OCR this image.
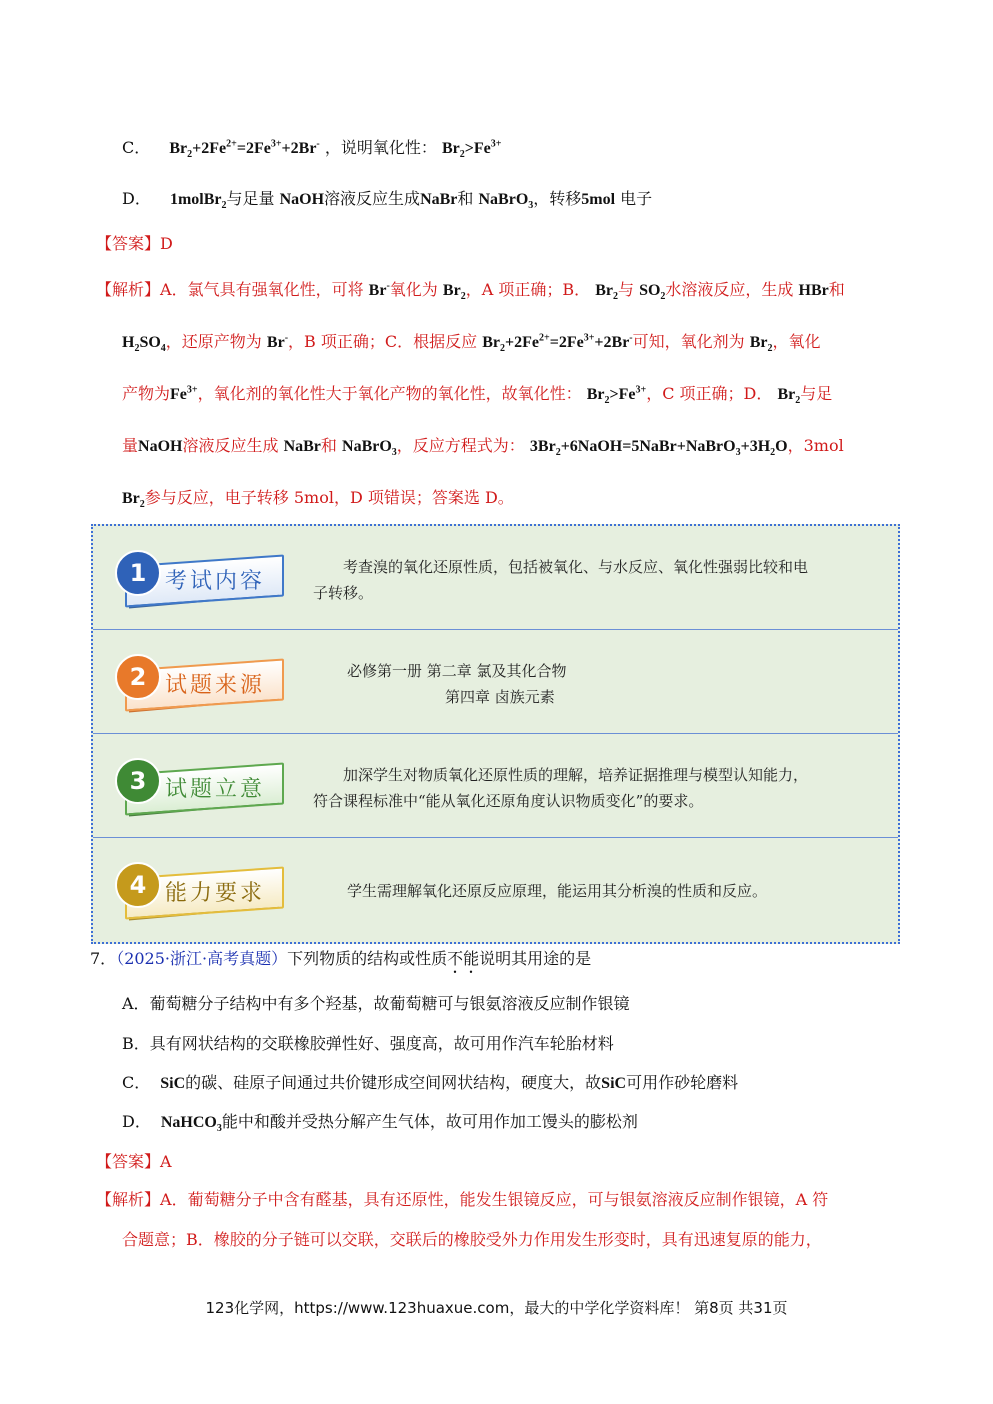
C． $Br_2+2Fe^{2+}=2Fe^{3+}+2Br^-$ ，说明氧化性： $Br_2>Fe^{3+}$
D． 1molBr$_2$与足量 NaOH溶液反应生成NaBr和 NaBrO$_3$，转移5mol 电子
【答案】D
【解析】A．氯气具有强氧化性，可将 Br-氧化为 $Br_2$，A 项正确；B． $Br_2$与 $SO_2$水溶液反应，生成 HBr和
$H_2SO_4$，还原产物为 Br-，B 项正确；C．根据反应 $Br_2+2Fe^{2+}=2Fe^{3+}+2Br^-$可知，氧化剂为 $Br_2$，氧化
产物为$Fe^{3+}$，氧化剂的氧化性大于氧化产物的氧化性，故氧化性： $Br_2>Fe^{3+}$，C 项正确；D． $Br_2$与足
量NaOH溶液反应生成 NaBr和 NaBrO$_3$，反应方程式为： $3Br_2+6NaOH=5NaBr+NaBrO_3+3H_2O$，3mol
$Br_2$参与反应，电子转移 5mol，D 项错误；答案选 D。
1 考试内容
考查溴的氧化还原性质，包括被氧化、与水反应、氧化性强弱比较和电
子转移。
2 试题来源
必修第一册 第二章 氯及其化合物
第四章 卤族元素
3 试题立意
加深学生对物质氧化还原性质的理解，培养证据推理与模型认知能力，
符合课程标准中“能从氧化还原角度认识物质变化”的要求。
4 能力要求	学生需理解氧化还原反应原理，能运用其分析溴的性质和反应。
7．（2025·浙江·高考真题）下列物质的结构或性质不能说明其用途的是
A．葡萄糖分子结构中有多个羟基，故葡萄糖可与银氨溶液反应制作银镜
B．具有网状结构的交联橡胶弹性好、强度高，故可用作汽车轮胎材料
C． SiC的碳、硅原子间通过共价键形成空间网状结构，硬度大，故SiC可用作砂轮磨料
D． NaHCO$_3$能中和酸并受热分解产生气体，故可用作加工馒头的膨松剂
【答案】A
【解析】A．葡萄糖分子中含有醛基，具有还原性，能发生银镜反应，可与银氨溶液反应制作银镜，A 符
合题意；B．橡胶的分子链可以交联，交联后的橡胶受外力作用发生形变时，具有迅速复原的能力，
123化学网，https://www.123huaxue.com，最大的中学化学资料库！ 第8页 共31页
